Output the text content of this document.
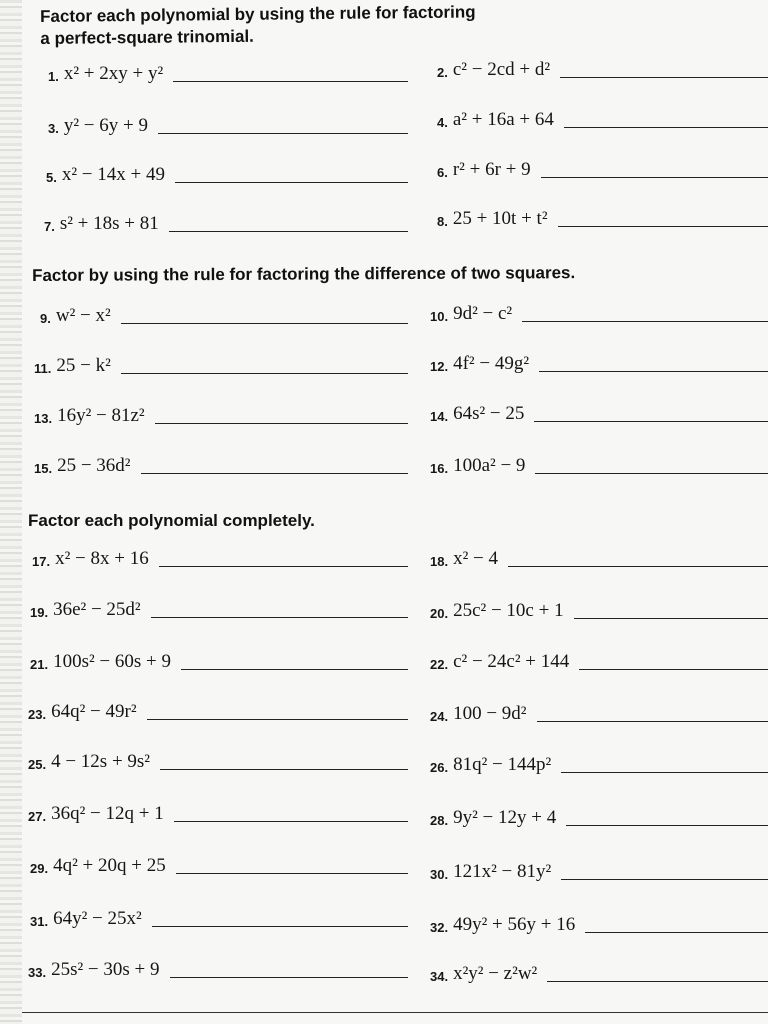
Factor each polynomial by using the rule for factoring
a perfect-square trinomial.
Factor by using the rule for factoring the difference of two squares.
Factor each polynomial completely.
1. x² + 2xy + y²	2. c² − 2cd + d²
3. y² − 6y + 9	4. a² + 16a + 64
5. x² − 14x + 49	6. r² + 6r + 9
7. s² + 18s + 81	8. 25 + 10t + t²
9. w² − x²	10. 9d² − c²
11. 25 − k²	12. 4f² − 49g²
13. 16y² − 81z²	14. 64s² − 25
15. 25 − 36d²	16. 100a² − 9
17. x² − 8x + 16	18. x² − 4
19. 36e² − 25d²	20. 25c² − 10c + 1
21. 100s² − 60s + 9	22. c² − 24c² + 144
23. 64q² − 49r²	24. 100 − 9d²
25. 4 − 12s + 9s²	26. 81q² − 144p²
27. 36q² − 12q + 1	28. 9y² − 12y + 4
29. 4q² + 20q + 25	30. 121x² − 81y²
31. 64y² − 25x²	32. 49y² + 56y + 16
33. 25s² − 30s + 9	34. x²y² − z²w²
